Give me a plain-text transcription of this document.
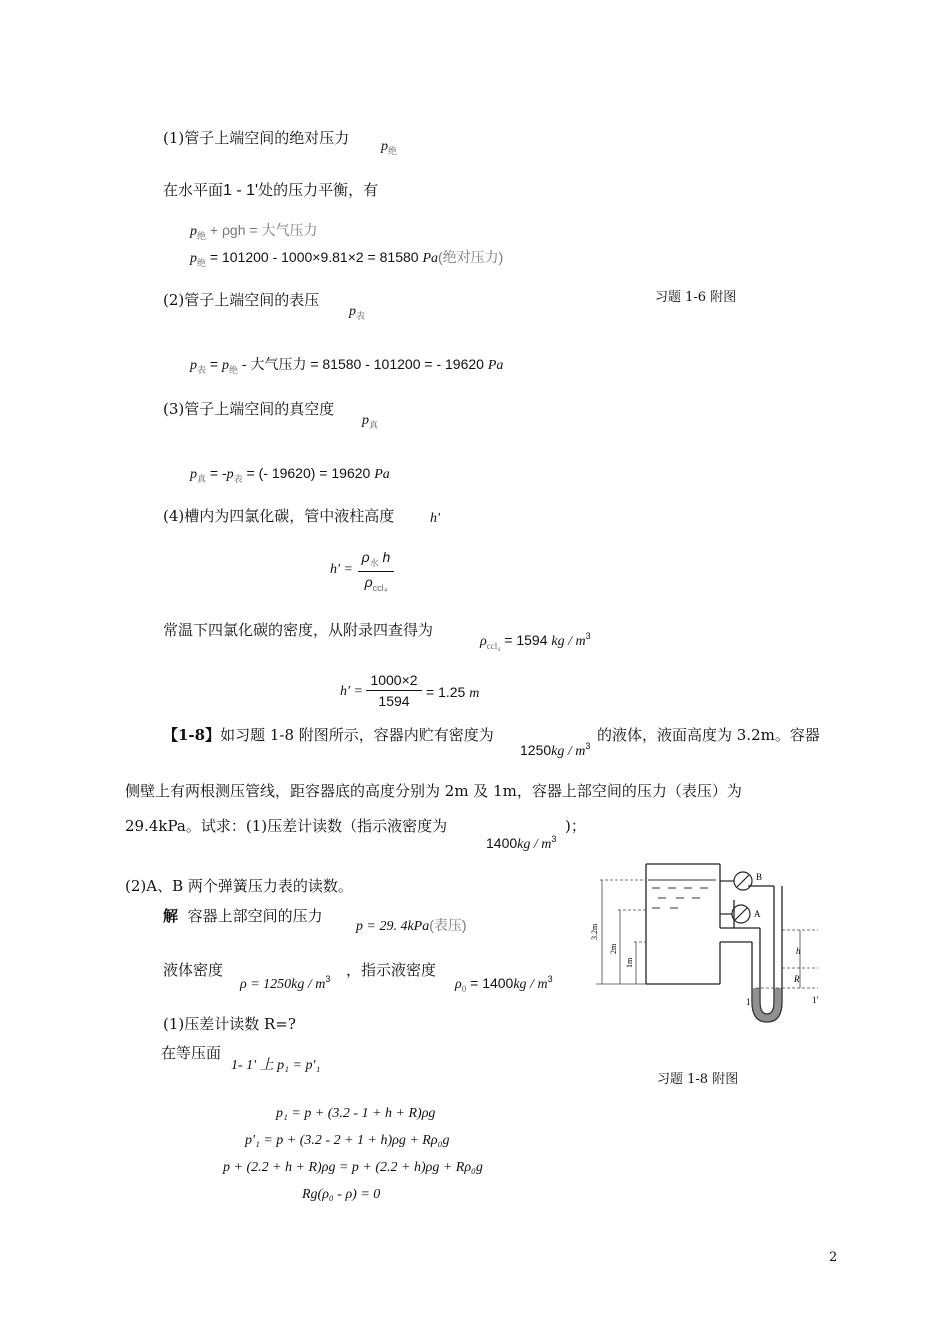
(1)管子上端空间的绝对压力 $p_绝$
在水平面1 - 1'处的压力平衡，有
$p_绝 + \rho gh$ = 大气压力
$p_绝 = 101200 - 1000\times 9.81\times 2 = 81580$ Pa(绝对压力)
(2)管子上端空间的表压
$p_表$
习题 1-6 附图
$p_表 = p_绝$ - 大气压力 = 81580 - 101200 = - 19620 Pa
(3)管子上端空间的真空度
$p_真$
$p_真 = -p_表$ = (- 19620) = 19620 Pa
(4)槽内为四氯化碳，管中液柱高度	h'
h' =
$\rho_水$ h
$\rho_{ccl_4}$
常温下四氯化碳的密度，从附录四查得为
$\rho_{ccl_4} = 1594$ kg / $m^3$
$h' = \frac{1000\times 2}{1594} = 1.25$ m
【1-8】如习题 1-8 附图所示，容器内贮有密度为
$1250kg / m^3$
的液体，液面高度为 3.2m。容器
侧壁上有两根测压管线，距容器底的高度分别为 2m 及 1m，容器上部空间的压力（表压）为
29.4kPa。试求：(1)压差计读数（指示液密度为
$1400kg / m^3$
)；
(2)A、B 两个弹簧压力表的读数。
解 容器上部空间的压力
p = 29. 4kPa(表压)
液体密度
$\rho = 1250kg / m^3$ ，指示液密度
$\rho_0 = 1400kg / m^3$
(1)压差计读数 R=?
在等压面
1- 1' 上 p₁ = p'₁
习题 1-8 附图
p₁ = p + (3.2 - 1 + h + R)ρg
p'₁ = p + (3.2 - 2 + 1 + h)ρg + Rρ₀g
p + (2.2 + h + R)ρg = p + (2.2 + h)ρg + Rρ₀g
Rg(ρ₀ - ρ) = 0
2
B
A
3.2m
2m
1m
h
R
1	1'
